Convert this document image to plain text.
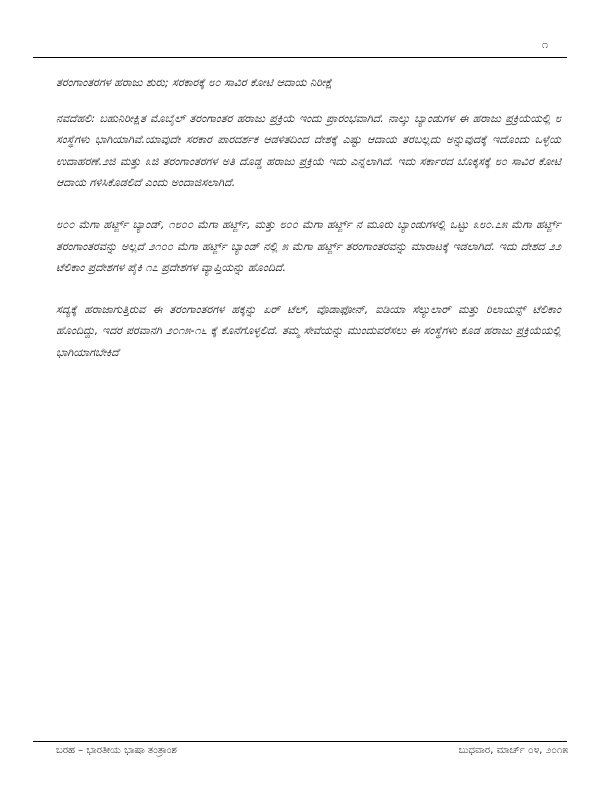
೧

ತರಂಗಾಂತರಗಳ ಹರಾಜು ಶುರು; ಸರಕಾರಕ್ಕೆ ೮೦ ಸಾವಿರ ಕೋಟಿ ಆದಾಯ ನಿರೀಕ್ಷೆ

ನವದೆಹಲಿ: ಬಹುನಿರೀಕ್ಷಿತ ಮೊಬೈಲ್ ತರಂಗಾಂತರ ಹರಾಜು ಪ್ರಕ್ರಿಯೆ ಇಂದು ಪ್ರಾರಂಭವಾಗಿದೆ. ನಾಲ್ಕು ಬ್ಯಾಂಡುಗಳ ಈ ಹರಾಜು ಪ್ರಕ್ರಿಯೆಯಲ್ಲಿ ೮ ಸಂಸ್ಥೆಗಳು ಭಾಗಿಯಾಗಿವೆ.ಯಾವುದೇ ಸರಕಾರ ಪಾರದರ್ಶಕ ಆಡಳಿತದಿಂದ ದೇಶಕ್ಕೆ ಎಷ್ಟು ಆದಾಯ ತರಬಲ್ಲದು ಅನ್ನುವುದಕ್ಕೆ ಇದೊಂದು ಒಳ್ಳೆಯ ಉದಾಹರಣೆ.೨ಜಿ ಮತ್ತು ೩ಜಿ ತರಂಗಾಂತರಗಳ ಅತಿ ದೊಡ್ಡ ಹರಾಜು ಪ್ರಕ್ರಿಯೆ ಇದು ಎನ್ನಲಾಗಿದೆ. ಇದು ಸರ್ಕಾರದ ಬೊಕ್ಕಸಕ್ಕೆ ೮೦ ಸಾವಿರ ಕೋಟಿ ಆದಾಯ ಗಳಿಸಿಕೊಡಲಿದೆ ಎಂದು ಅಂದಾಜಿಸಲಾಗಿದೆ.

೮೦೦ ಮೆಗಾ ಹರ್ಟ್ಜ್ ಬ್ಯಾಂಡ್, ೧೮೦೦ ಮೆಗಾ ಹರ್ಟ್ಜ್, ಮತ್ತು ೮೦೦ ಮೆಗಾ ಹರ್ಟ್ಜ್ ನ ಮೂರು ಬ್ಯಾಂಡುಗಳಲ್ಲಿ ಒಟ್ಟು ೩೮೦.೭೫ ಮೆಗಾ ಹರ್ಟ್ಜ್ ತರಂಗಾಂತರವನ್ನು ಅಲ್ಲದೆ ೨೧೦೦ ಮೆಗಾ ಹರ್ಟ್ಜ್ ಬ್ಯಾಂಡ್ ನಲ್ಲಿ ೫ ಮೆಗಾ ಹರ್ಟ್ಜ್ ತರಂಗಾಂತರವನ್ನು ಮಾರಾಟಕ್ಕೆ ಇಡಲಾಗಿದೆ. ಇದು ದೇಶದ ೨೨ ಟೆಲಿಕಾಂ ಪ್ರದೇಶಗಳ ಪೈಕಿ ೧೭ ಪ್ರದೇಶಗಳ ವ್ಯಾಪ್ತಿಯನ್ನು ಹೊಂದಿದೆ.

ಸದ್ಯಕ್ಕೆ ಹರಾಜಾಗುತ್ತಿರುವ ಈ ತರಂಗಾಂತರಗಳ ಹಕ್ಕನ್ನು ಏರ್ ಟೆಲ್, ವೊಡಾಫೋನ್, ಐಡಿಯಾ ಸೆಲ್ಯುಲಾರ್ ಮತ್ತು ರಿಲಾಯನ್ಸ್ ಟೆಲಿಕಾಂ ಹೊಂದಿದ್ದು, ಇದರ ಪರವಾನಗಿ ೨೦೧೫-೧೬ ಕ್ಕೆ ಕೊನೆಗೊಳ್ಳಲಿದೆ. ತಮ್ಮ ಸೇವೆಯನ್ನು ಮುಂದುವರೆಸಲು ಈ ಸಂಸ್ಥೆಗಳು ಕೂಡ ಹರಾಜು ಪ್ರಕ್ರಿಯೆಯಲ್ಲಿ ಭಾಗಿಯಾಗಬೇಕಿದೆ

ಬರಹ – ಭಾರತೀಯ ಭಾಷಾ ತಂತ್ರಾಂಶ	ಬುಧವಾರ, ಮಾರ್ಚ್ ೦೪, ೨೦೧೫
